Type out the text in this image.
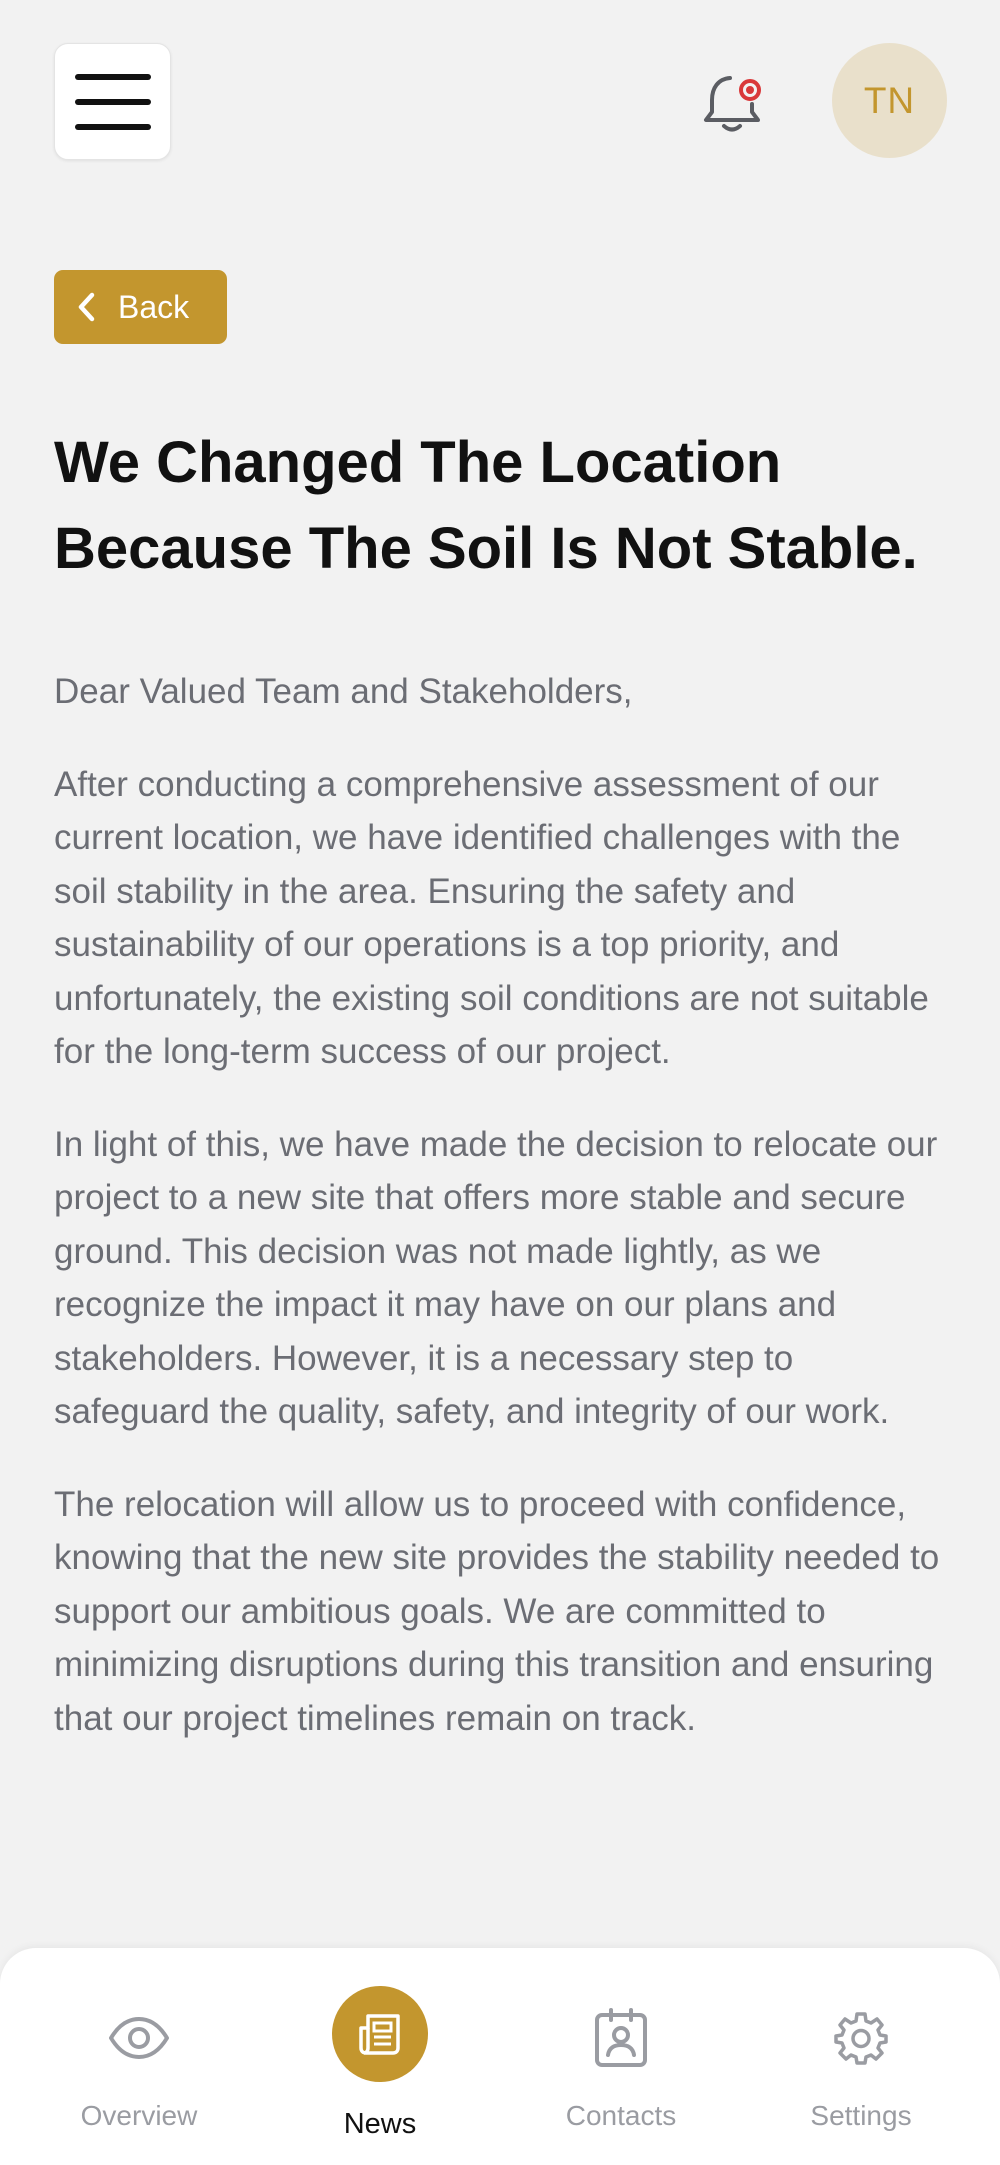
TN
Back
We Changed The Location Because The Soil Is Not Stable.

Dear Valued Team and Stakeholders,

After conducting a comprehensive assessment of our current location, we have identified challenges with the soil stability in the area. Ensuring the safety and sustainability of our operations is a top priority, and unfortunately, the existing soil conditions are not suitable for the long-term success of our project.

In light of this, we have made the decision to relocate our project to a new site that offers more stable and secure ground. This decision was not made lightly, as we recognize the impact it may have on our plans and stakeholders. However, it is a necessary step to safeguard the quality, safety, and integrity of our work.

The relocation will allow us to proceed with confidence, knowing that the new site provides the stability needed to support our ambitious goals. We are committed to minimizing disruptions during this transition and ensuring that our project timelines remain on track.

Overview	News	Contacts	Settings
